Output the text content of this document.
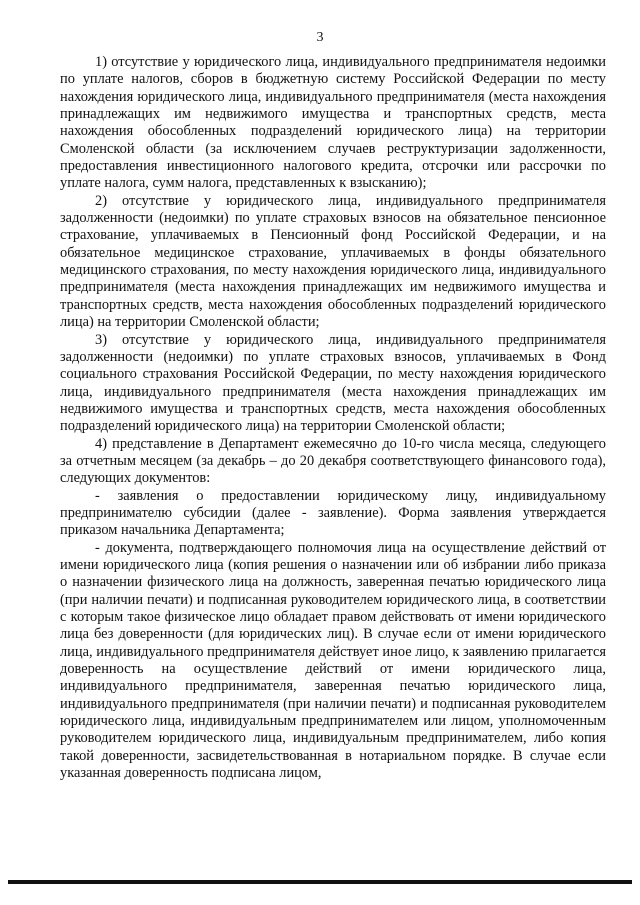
3

1) отсутствие у юридического лица, индивидуального предпринимателя недоимки по уплате налогов, сборов в бюджетную систему Российской Федерации по месту нахождения юридического лица, индивидуального предпринимателя (места нахождения принадлежащих им недвижимого имущества и транспортных средств, места нахождения обособленных подразделений юридического лица) на территории Смоленской области (за исключением случаев реструктуризации задолженности, предоставления инвестиционного налогового кредита, отсрочки или рассрочки по уплате налога, сумм налога, представленных к взысканию);

2) отсутствие у юридического лица, индивидуального предпринимателя задолженности (недоимки) по уплате страховых взносов на обязательное пенсионное страхование, уплачиваемых в Пенсионный фонд Российской Федерации, и на обязательное медицинское страхование, уплачиваемых в фонды обязательного медицинского страхования, по месту нахождения юридического лица, индивидуального предпринимателя (места нахождения принадлежащих им недвижимого имущества и транспортных средств, места нахождения обособленных подразделений юридического лица) на территории Смоленской области;

3) отсутствие у юридического лица, индивидуального предпринимателя задолженности (недоимки) по уплате страховых взносов, уплачиваемых в Фонд социального страхования Российской Федерации, по месту нахождения юридического лица, индивидуального предпринимателя (места нахождения принадлежащих им недвижимого имущества и транспортных средств, места нахождения обособленных подразделений юридического лица) на территории Смоленской области;

4) представление в Департамент ежемесячно до 10-го числа месяца, следующего за отчетным месяцем (за декабрь – до 20 декабря соответствующего финансового года), следующих документов:

- заявления о предоставлении юридическому лицу, индивидуальному предпринимателю субсидии (далее - заявление). Форма заявления утверждается приказом начальника Департамента;

- документа, подтверждающего полномочия лица на осуществление действий от имени юридического лица (копия решения о назначении или об избрании либо приказа о назначении физического лица на должность, заверенная печатью юридического лица (при наличии печати) и подписанная руководителем юридического лица, в соответствии с которым такое физическое лицо обладает правом действовать от имени юридического лица без доверенности (для юридических лиц). В случае если от имени юридического лица, индивидуального предпринимателя действует иное лицо, к заявлению прилагается доверенность на осуществление действий от имени юридического лица, индивидуального предпринимателя, заверенная печатью юридического лица, индивидуального предпринимателя (при наличии печати) и подписанная руководителем юридического лица, индивидуальным предпринимателем или лицом, уполномоченным руководителем юридического лица, индивидуальным предпринимателем, либо копия такой доверенности, засвидетельствованная в нотариальном порядке. В случае если указанная доверенность подписана лицом,
